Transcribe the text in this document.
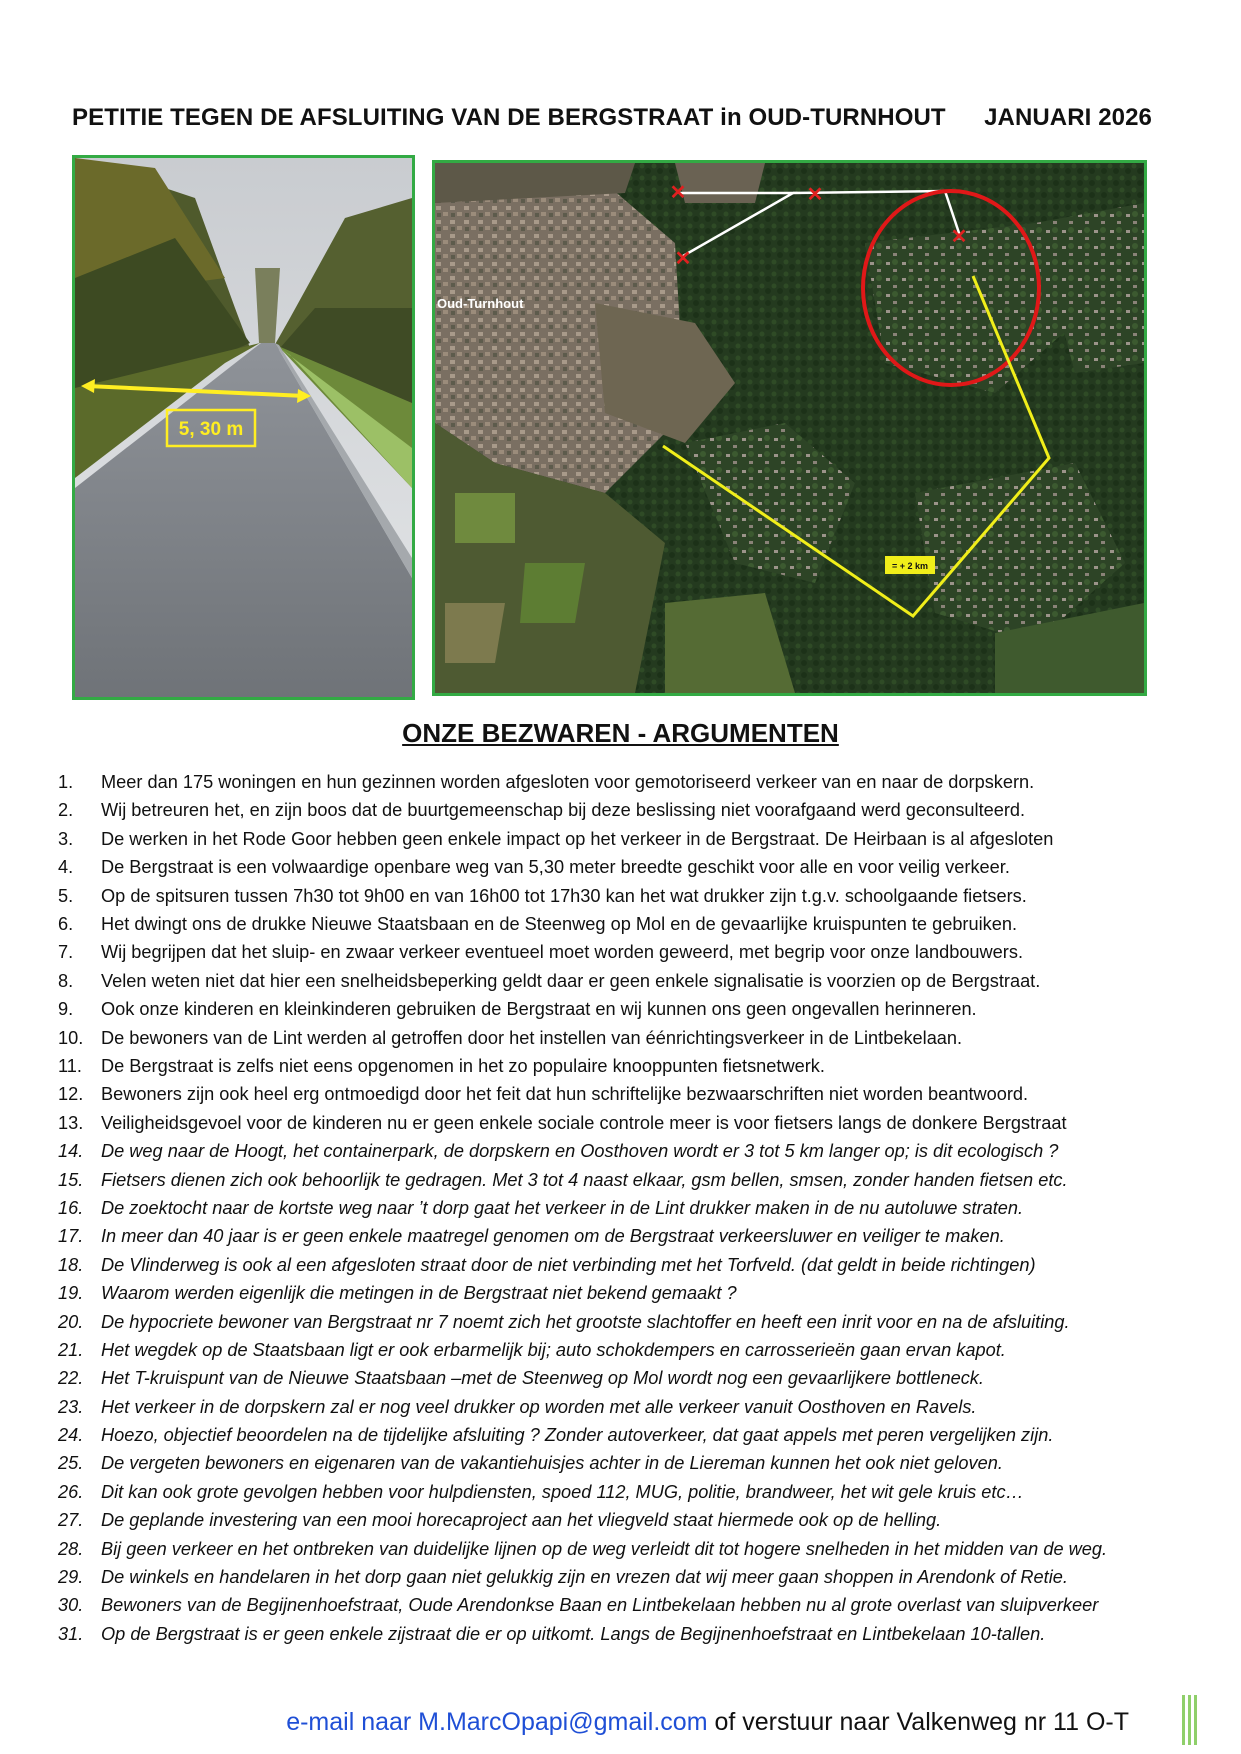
PETITIE TEGEN DE AFSLUITING VAN DE BERGSTRAAT in OUD-TURNHOUT JANUARI 2026
5, 30 m
✕	✕
✕
✕
= + 2 km
Oud-Turnhout
ONZE BEZWAREN - ARGUMENTEN
1.	Meer dan 175 woningen en hun gezinnen worden afgesloten voor gemotoriseerd verkeer van en naar de dorpskern.
2.	Wij betreuren het, en zijn boos dat de buurtgemeenschap bij deze beslissing niet voorafgaand werd geconsulteerd.
3.	De werken in het Rode Goor hebben geen enkele impact op het verkeer in de Bergstraat. De Heirbaan is al afgesloten
4.	De Bergstraat is een volwaardige openbare weg van 5,30 meter breedte geschikt voor alle en voor veilig verkeer.
5.	Op de spitsuren tussen 7h30 tot 9h00 en van 16h00 tot 17h30 kan het wat drukker zijn t.g.v. schoolgaande fietsers.
6.	Het dwingt ons de drukke Nieuwe Staatsbaan en de Steenweg op Mol en de gevaarlijke kruispunten te gebruiken.
7.	Wij begrijpen dat het sluip- en zwaar verkeer eventueel moet worden geweerd, met begrip voor onze landbouwers.
8.	Velen weten niet dat hier een snelheidsbeperking geldt daar er geen enkele signalisatie is voorzien op de Bergstraat.
9.	Ook onze kinderen en kleinkinderen gebruiken de Bergstraat en wij kunnen ons geen ongevallen herinneren.
10. De bewoners van de Lint werden al getroffen door het instellen van éénrichtingsverkeer in de Lintbekelaan.
11.	De Bergstraat is zelfs niet eens opgenomen in het zo populaire knooppunten fietsnetwerk.
12. Bewoners zijn ook heel erg ontmoedigd door het feit dat hun schriftelijke bezwaarschriften niet worden beantwoord.
13. Veiligheidsgevoel voor de kinderen nu er geen enkele sociale controle meer is voor fietsers langs de donkere Bergstraat
14. De weg naar de Hoogt, het containerpark, de dorpskern en Oosthoven wordt er 3 tot 5 km langer op; is dit ecologisch ?
15. Fietsers dienen zich ook behoorlijk te gedragen. Met 3 tot 4 naast elkaar, gsm bellen, smsen, zonder handen fietsen etc.
16. De zoektocht naar de kortste weg naar ’t dorp gaat het verkeer in de Lint drukker maken in de nu autoluwe straten.
17. In meer dan 40 jaar is er geen enkele maatregel genomen om de Bergstraat verkeersluwer en veiliger te maken.
18. De Vlinderweg is ook al een afgesloten straat door de niet verbinding met het Torfveld. (dat geldt in beide richtingen)
19. Waarom werden eigenlijk die metingen in de Bergstraat niet bekend gemaakt ?
20. De hypocriete bewoner van Bergstraat nr 7 noemt zich het grootste slachtoffer en heeft een inrit voor en na de afsluiting.
21. Het wegdek op de Staatsbaan ligt er ook erbarmelijk bij; auto schokdempers en carrosserieën gaan ervan kapot.
22. Het T-kruispunt van de Nieuwe Staatsbaan –met de Steenweg op Mol wordt nog een gevaarlijkere bottleneck.
23. Het verkeer in de dorpskern zal er nog veel drukker op worden met alle verkeer vanuit Oosthoven en Ravels.
24. Hoezo, objectief beoordelen na de tijdelijke afsluiting ? Zonder autoverkeer, dat gaat appels met peren vergelijken zijn.
25. De vergeten bewoners en eigenaren van de vakantiehuisjes achter in de Liereman kunnen het ook niet geloven.
26. Dit kan ook grote gevolgen hebben voor hulpdiensten, spoed 112, MUG, politie, brandweer, het wit gele kruis etc…
27. De geplande investering van een mooi horecaproject aan het vliegveld staat hiermede ook op de helling.
28. Bij geen verkeer en het ontbreken van duidelijke lijnen op de weg verleidt dit tot hogere snelheden in het midden van de weg.
29. De winkels en handelaren in het dorp gaan niet gelukkig zijn en vrezen dat wij meer gaan shoppen in Arendonk of Retie.
30. Bewoners van de Begijnenhoefstraat, Oude Arendonkse Baan en Lintbekelaan hebben nu al grote overlast van sluipverkeer
31. Op de Bergstraat is er geen enkele zijstraat die er op uitkomt. Langs de Begijnenhoefstraat en Lintbekelaan 10-tallen.
e-mail naar M.MarcOpapi@gmail.com of verstuur naar Valkenweg nr 11 O-T
